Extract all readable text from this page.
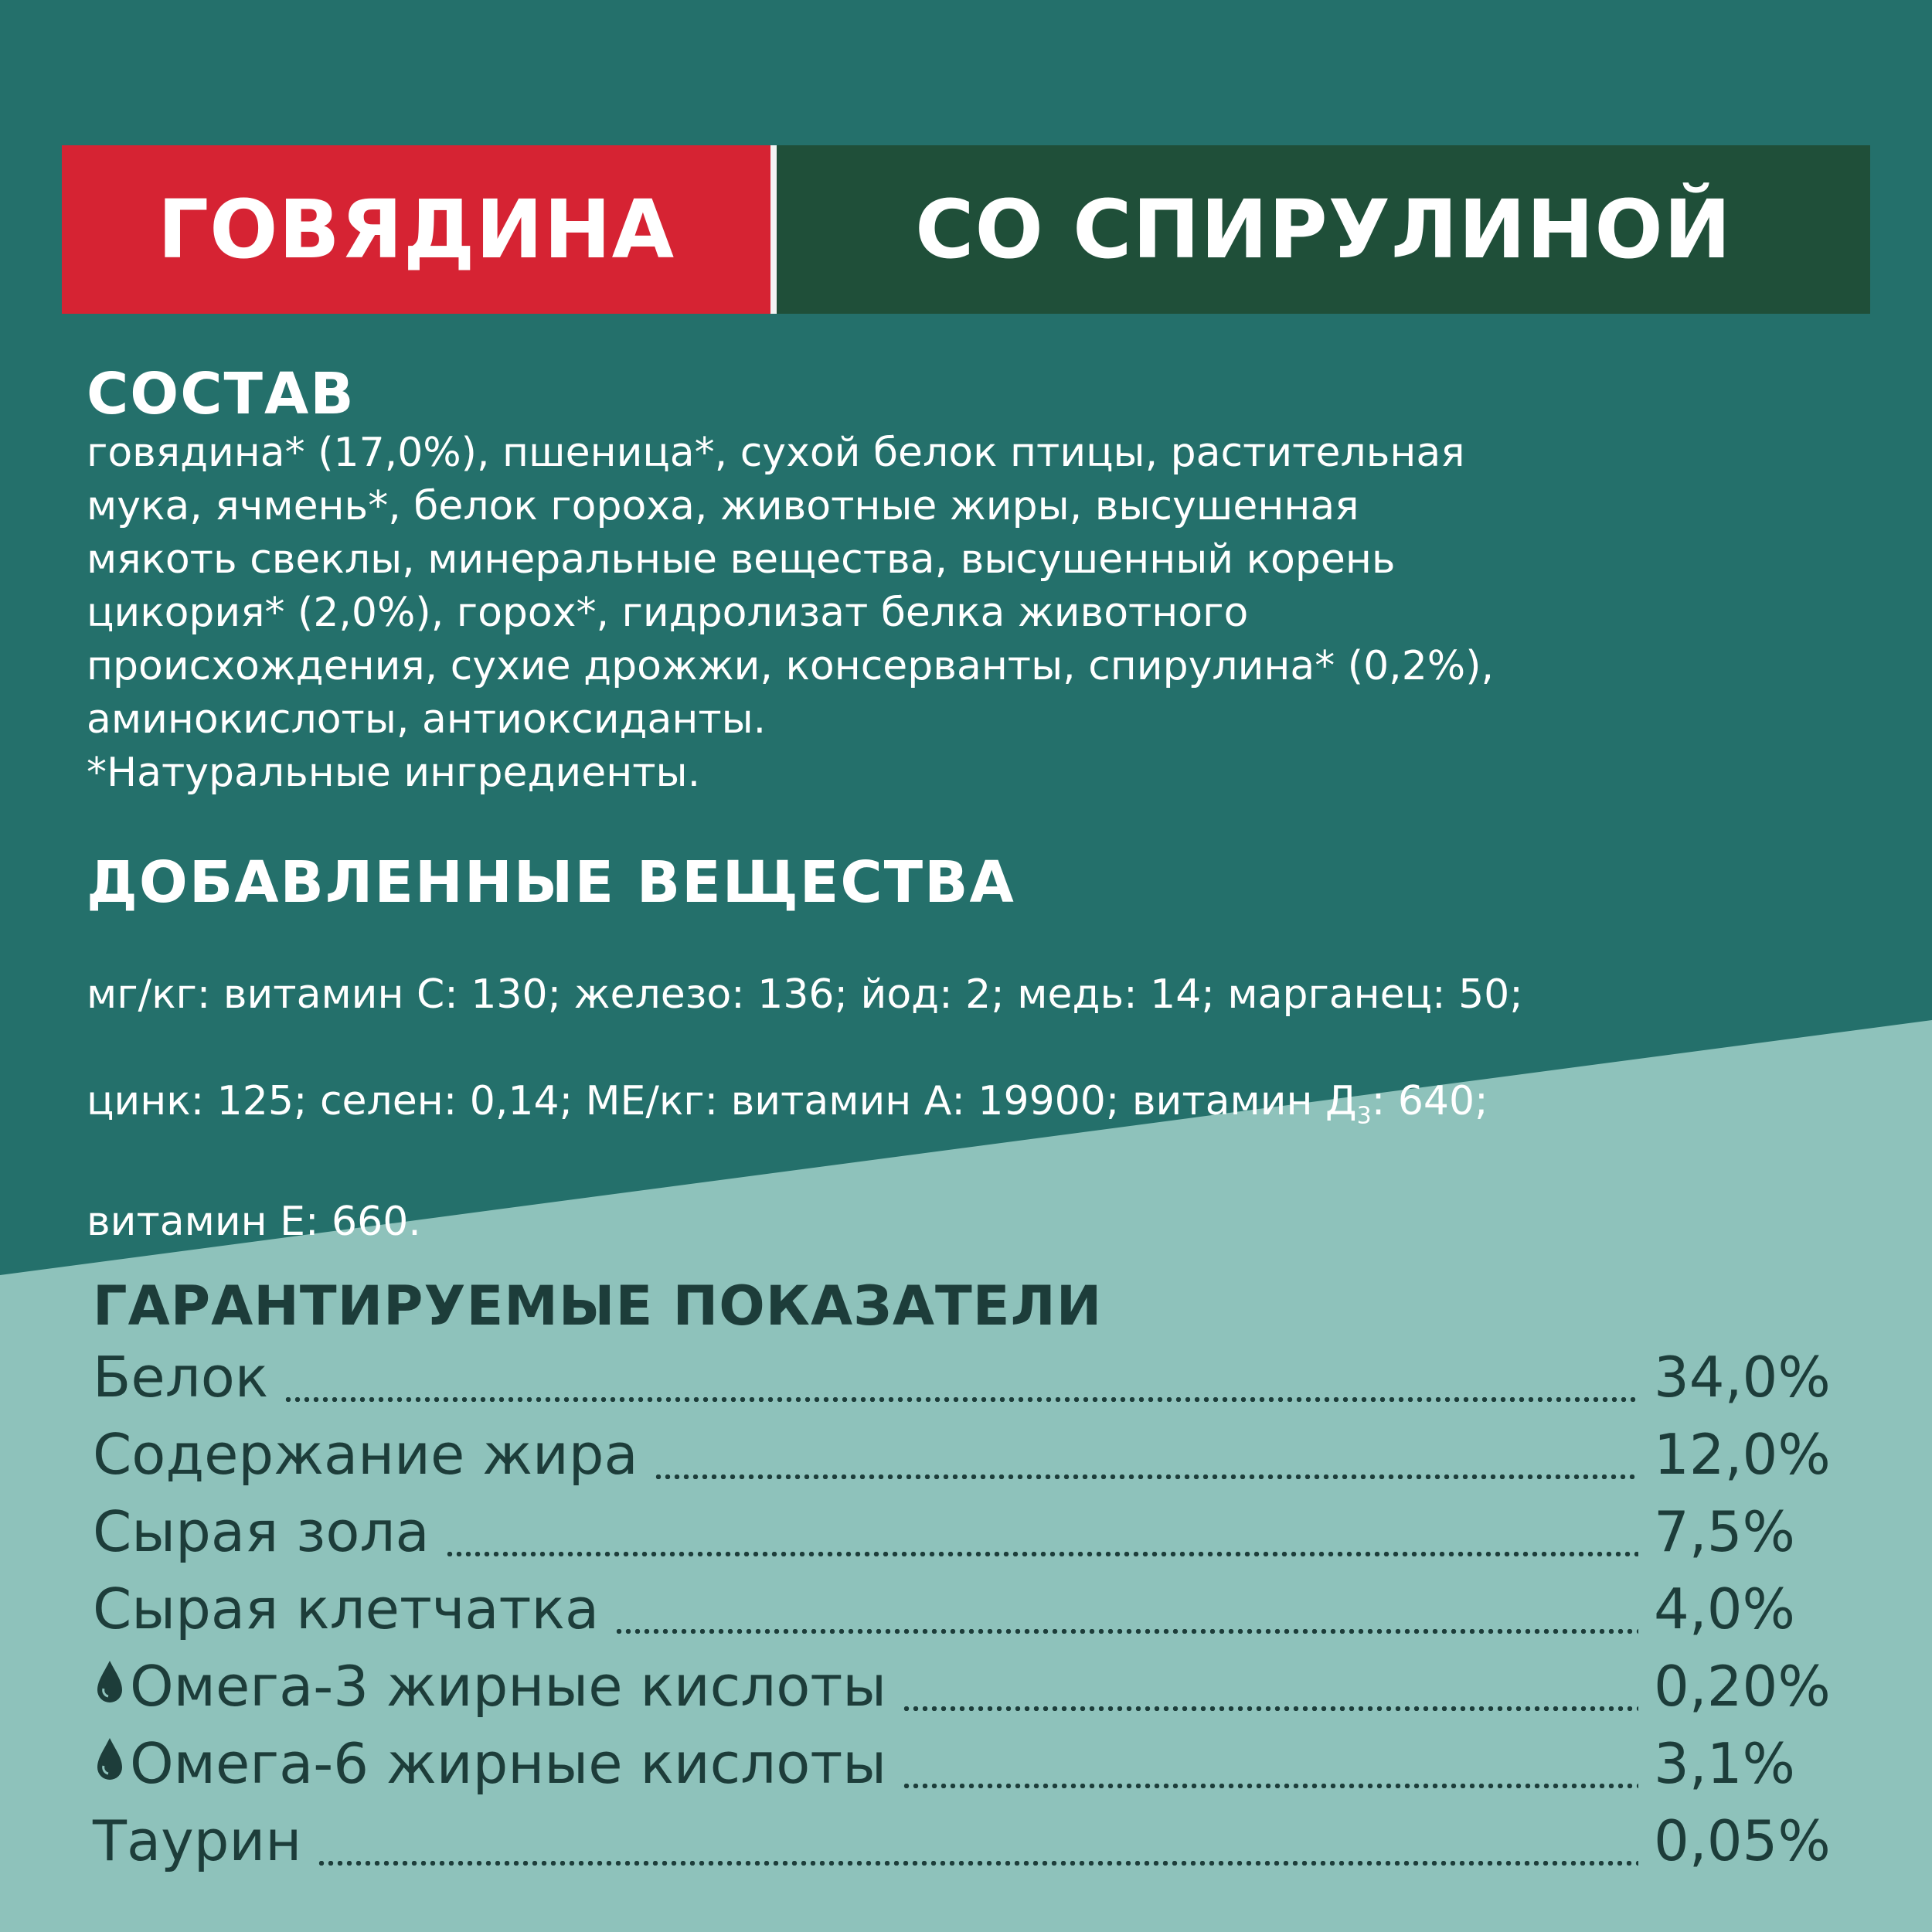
ГОВЯДИНА	СО СПИРУЛИНОЙ
СОСТАВ
говядина* (17,0%), пшеница*, сухой белок птицы, растительная
мука, ячмень*, белок гороха, животные жиры, высушенная
мякоть свеклы, минеральные вещества, высушенный корень
цикория* (2,0%), горох*, гидролизат белка животного
происхождения, сухие дрожжи, консерванты, спирулина* (0,2%),
аминокислоты, антиоксиданты.
*Натуральные ингредиенты.
ДОБАВЛЕННЫЕ ВЕЩЕСТВА

мг/кг: витамин С: 130; железо: 136; йод: 2; медь: 14; марганец: 50;

цинк: 125; селен: 0,14; МЕ/кг: витамин А: 19900; витамин $Д_3$: 640;

витамин Е: 660.

ГАРАНТИРУЕМЫЕ ПОКАЗАТЕЛИ
Белок	34,0%
Содержание жира	12,0%
Сырая зола	7,5%
Сырая клетчатка	4,0%
Омега-3 жирные кислоты	0,20%
Омега-6 жирные кислоты	3,1%
Таурин	0,05%
